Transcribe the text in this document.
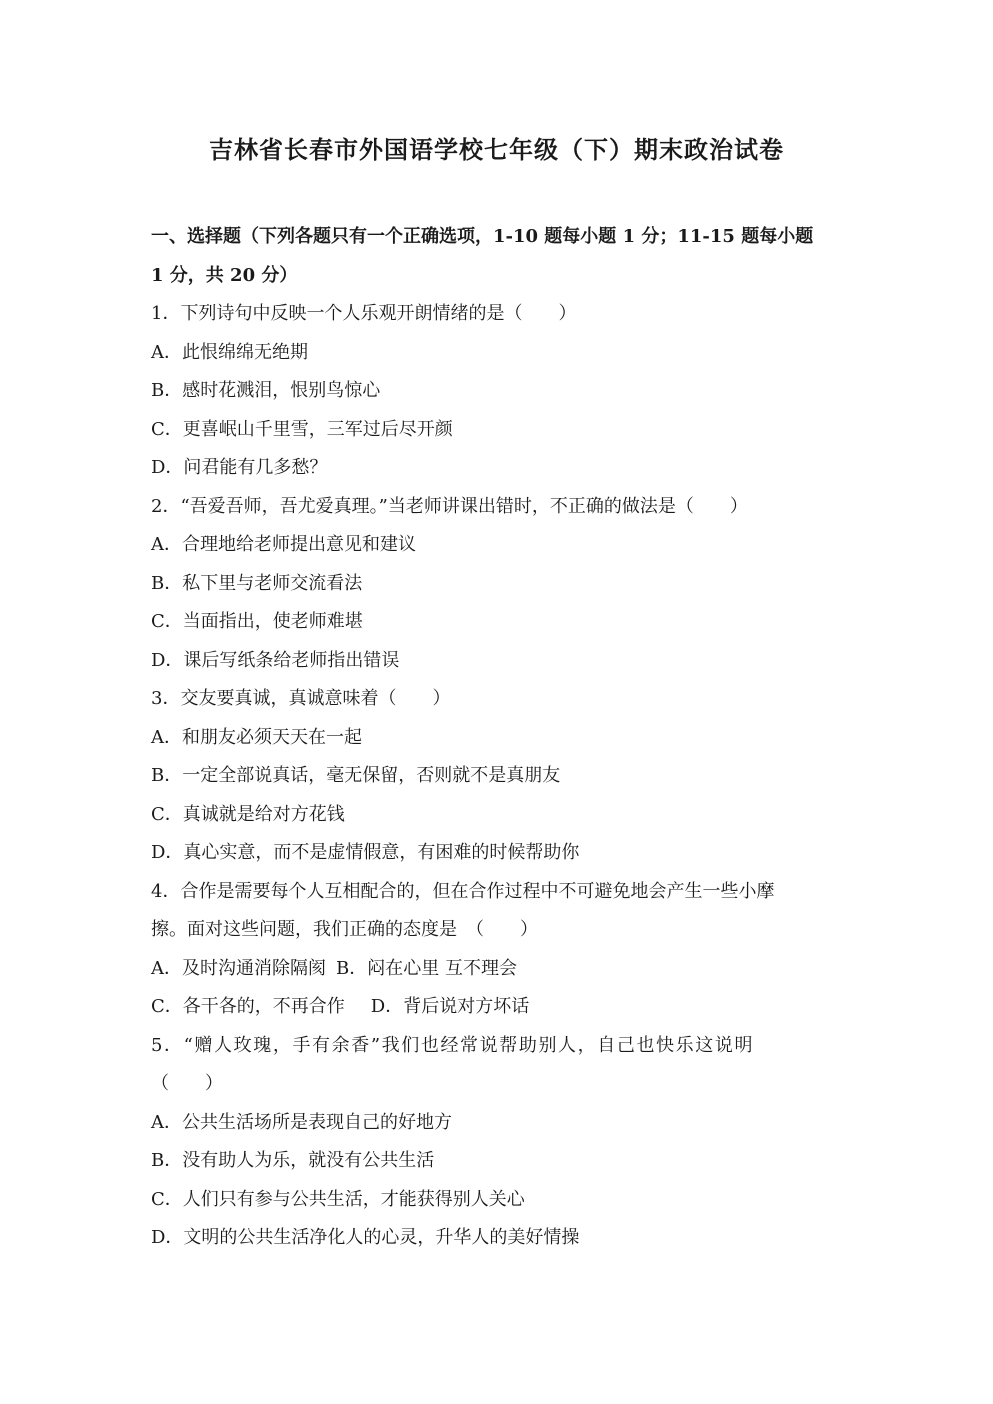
吉林省长春市外国语学校七年级（下）期末政治试卷
一、选择题（下列各题只有一个正确选项，1-10 题每小题 1 分；11-15 题每小题
1 分，共 20 分）
1．下列诗句中反映一个人乐观开朗情绪的是（　　）
A．此恨绵绵无绝期
B．感时花溅泪，恨别鸟惊心
C．更喜岷山千里雪，三军过后尽开颜
D．问君能有几多愁？
2．“吾爱吾师，吾尤爱真理。”当老师讲课出错时，不正确的做法是（　　）
A．合理地给老师提出意见和建议
B．私下里与老师交流看法
C．当面指出，使老师难堪
D．课后写纸条给老师指出错误
3．交友要真诚，真诚意味着（　　）
A．和朋友必须天天在一起
B．一定全部说真话，毫无保留，否则就不是真朋友
C．真诚就是给对方花钱
D．真心实意，而不是虚情假意，有困难的时候帮助你
4．合作是需要每个人互相配合的，但在合作过程中不可避免地会产生一些小摩
擦。面对这些问题，我们正确的态度是　（　　）
A．及时沟通消除隔阂 B．闷在心里 互不理会
C．各干各的，不再合作 D．背后说对方坏话
5．“赠人玫瑰，手有余香”我们也经常说帮助别人，自己也快乐这说明
（　　）
A．公共生活场所是表现自己的好地方
B．没有助人为乐，就没有公共生活
C．人们只有参与公共生活，才能获得别人关心
D．文明的公共生活净化人的心灵，升华人的美好情操
